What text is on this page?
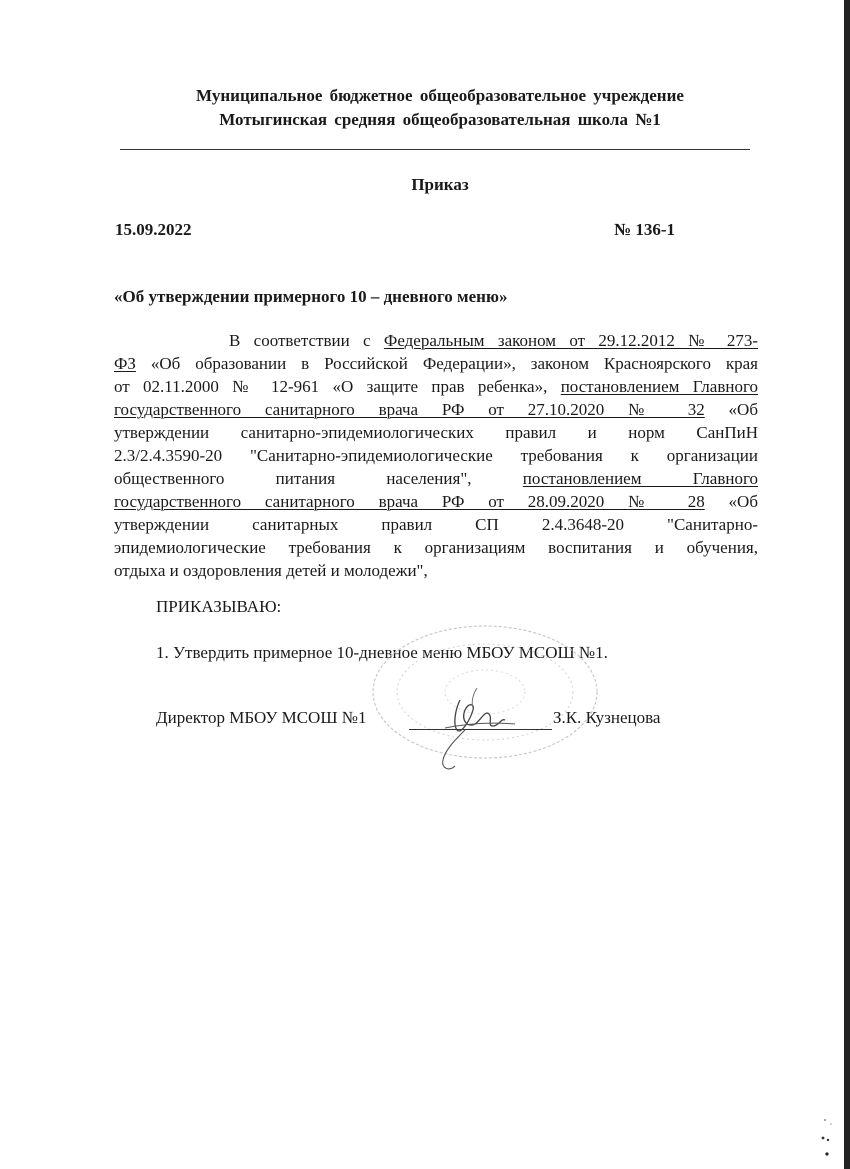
Муниципальное бюджетное общеобразовательное учреждение
Мотыгинская средняя общеобразовательная школа №1
Приказ
15.09.2022	№ 136-1
«Об утверждении примерного 10 – дневного меню»
В соответствии с Федеральным законом от 29.12.2012 № 273-
ФЗ «Об образовании в Российской Федерации», законом Красноярского края
от 02.11.2000 № 12-961 «О защите прав ребенка», постановлением Главного
государственного санитарного врача РФ от 27.10.2020 № 32 «Об
утверждении санитарно-эпидемиологических правил и норм СанПиН
2.3/2.4.3590-20 "Санитарно-эпидемиологические требования к организации
общественного питания населения", постановлением Главного
государственного санитарного врача РФ от 28.09.2020 № 28 «Об
утверждении санитарных правил СП 2.4.3648-20 "Санитарно-
эпидемиологические требования к организациям воспитания и обучения,
отдыха и оздоровления детей и молодежи",
ПРИКАЗЫВАЮ:
1. Утвердить примерное 10-дневное меню МБОУ МСОШ №1.
Директор МБОУ МСОШ №1	З.К. Кузнецова
